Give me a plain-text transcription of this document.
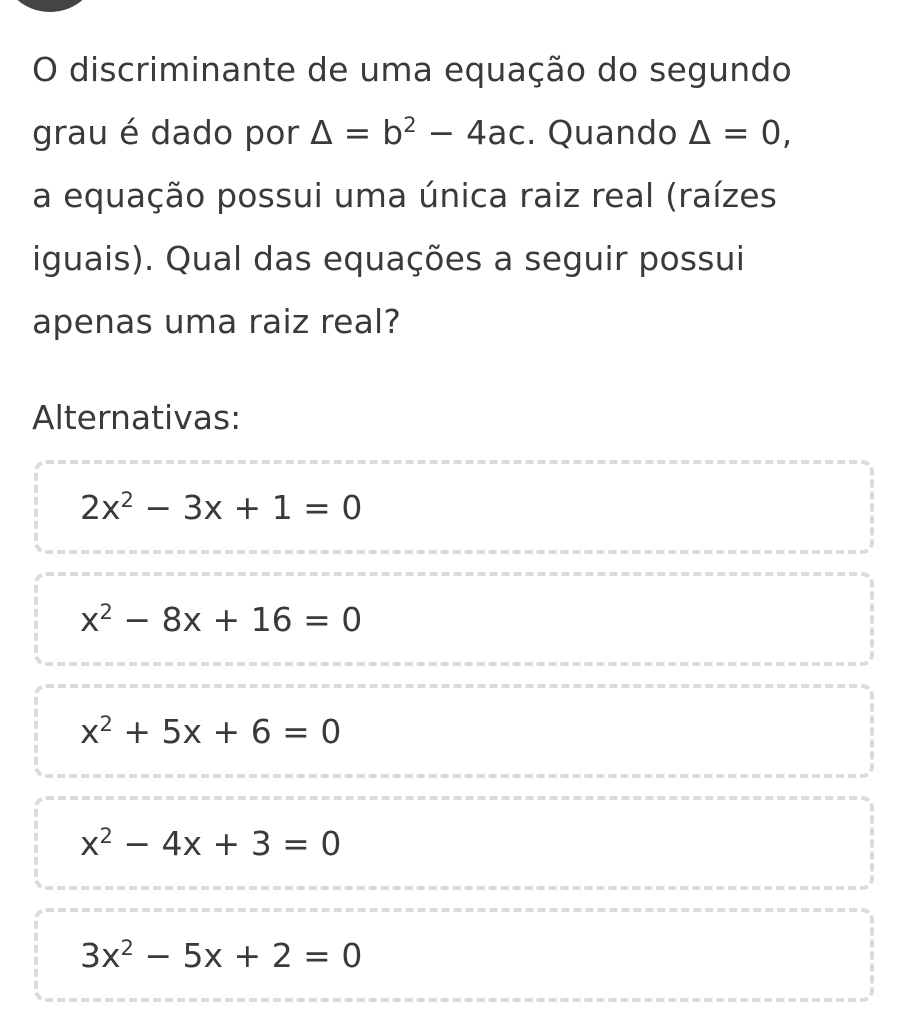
O discriminante de uma equação do segundo
grau é dado por $\Delta = b^2 - 4ac$. Quando Δ = 0,
a equação possui uma única raiz real (raízes
iguais). Qual das equações a seguir possui
apenas uma raiz real?
Alternativas:
$2x^2 - 3x + 1 = 0$
$x^2 - 8x + 16 = 0$
$x^2 + 5x + 6 = 0$
$x^2 - 4x + 3 = 0$
$3x^2 - 5x + 2 = 0$
